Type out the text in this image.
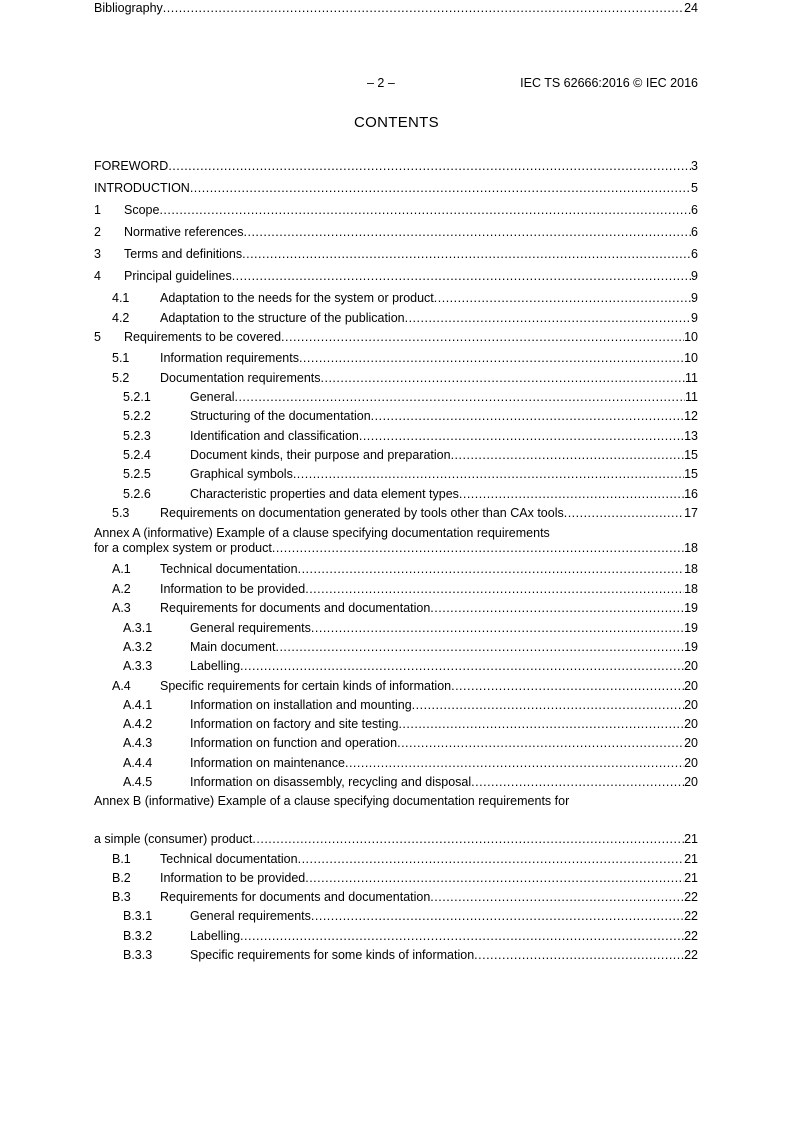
– 2 –	IEC TS 62666:2016 © IEC 2016
CONTENTS
FOREWORD .....	3
INTRODUCTION .....	5
1 Scope .....	6
2 Normative references .....	6
3 Terms and definitions .....	6
4 Principal guidelines .....	9
4.1 Adaptation to the needs for the system or product .....	9
4.2 Adaptation to the structure of the publication .....	9
5 Requirements to be covered .....	10
5.1 Information requirements .....	10
5.2 Documentation requirements .....	11
5.2.1	General .....	11
5.2.2	Structuring of the documentation .....	12
5.2.3	Identification and classification .....	13
5.2.4	Document kinds, their purpose and preparation .....	15
5.2.5	Graphical symbols .....	15
5.2.6	Characteristic properties and data element types .....	16
5.3 Requirements on documentation generated by tools other than CAx tools .....	17
Annex A (informative) Example of a clause specifying documentation requirements
for a complex system or product .....	18
A.1 Technical documentation .....	18
A.2 Information to be provided .....	18
A.3 Requirements for documents and documentation .....	19
A.3.1	General requirements .....	19
A.3.2	Main document .....	19
A.3.3	Labelling .....	20
A.4 Specific requirements for certain kinds of information .....	20
A.4.1	Information on installation and mounting .....	20
A.4.2	Information on factory and site testing .....	20
A.4.3	Information on function and operation .....	20
A.4.4	Information on maintenance .....	20
A.4.5	Information on disassembly, recycling and disposal .....	20
Annex B (informative) Example of a clause specifying documentation requirements for
a simple (consumer) product .....	21
B.1 Technical documentation .....	21
B.2 Information to be provided .....	21
B.3 Requirements for documents and documentation .....	22
B.3.1	General requirements .....	22
B.3.2	Labelling .....	22
B.3.3	Specific requirements for some kinds of information .....	22
Bibliography .....	24
